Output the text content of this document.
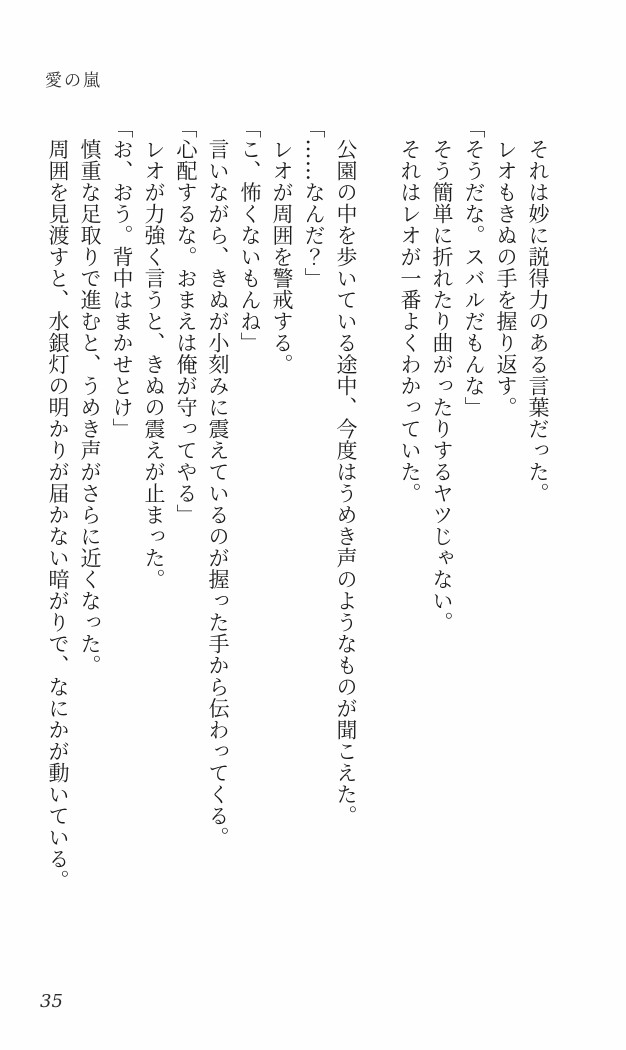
愛の嵐

　それは妙に説得力のある言葉だった。

　レオもきぬの手を握り返す。

「そうだな。スバルだもんな」

　そう簡単に折れたり曲がったりするヤツじゃない。

　それはレオが一番よくわかっていた。

　公園の中を歩いている途中、今度はうめき声のようなものが聞こえた。

「……なんだ？」

　レオが周囲を警戒する。

「こ、怖くないもんね」

　言いながら、きぬが小刻みに震えているのが握った手から伝わってくる。

「心配するな。おまえは俺が守ってやる」

　レオが力強く言うと、きぬの震えが止まった。

「お、おう。背中はまかせとけ」

　慎重な足取りで進むと、うめき声がさらに近くなった。

　周囲を見渡すと、水銀灯の明かりが届かない暗がりで、なにかが動いている。

35
